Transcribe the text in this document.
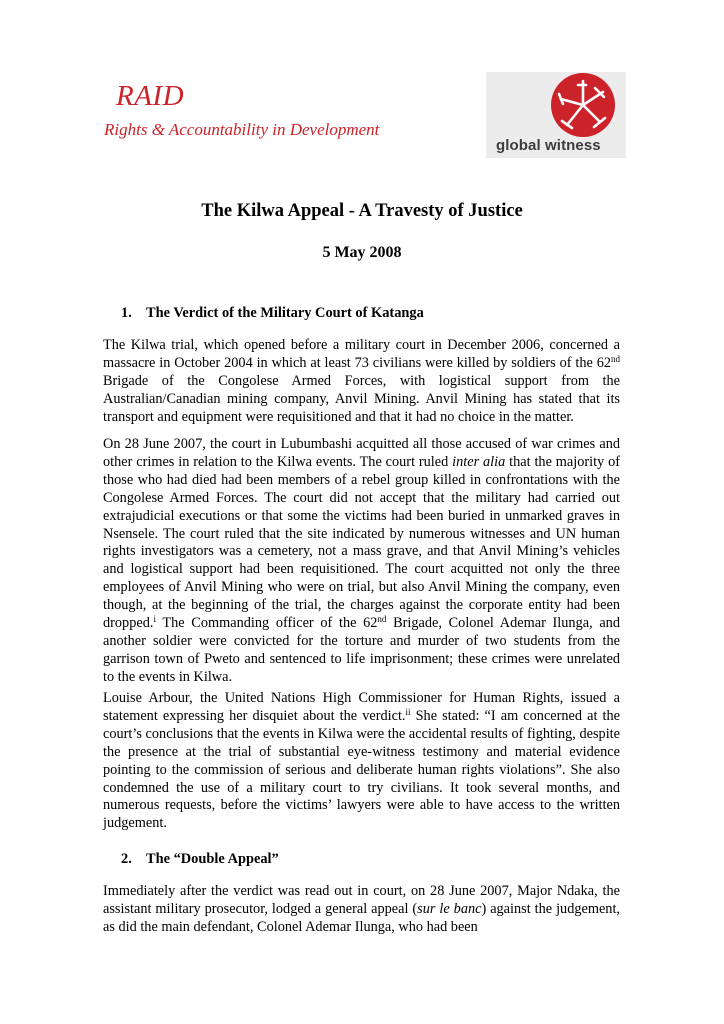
RAID
Rights & Accountability in Development
global witness
The Kilwa Appeal - A Travesty of Justice
5 May 2008
1. The Verdict of the Military Court of Katanga

The Kilwa trial, which opened before a military court in December 2006, concerned a massacre in October 2004 in which at least 73 civilians were killed by soldiers of the 62nd Brigade of the Congolese Armed Forces, with logistical support from the Australian/Canadian mining company, Anvil Mining. Anvil Mining has stated that its transport and equipment were requisitioned and that it had no choice in the matter.

On 28 June 2007, the court in Lubumbashi acquitted all those accused of war crimes and other crimes in relation to the Kilwa events. The court ruled inter alia that the majority of those who had died had been members of a rebel group killed in confrontations with the Congolese Armed Forces. The court did not accept that the military had carried out extrajudicial executions or that some the victims had been buried in unmarked graves in Nsensele. The court ruled that the site indicated by numerous witnesses and UN human rights investigators was a cemetery, not a mass grave, and that Anvil Mining’s vehicles and logistical support had been requisitioned. The court acquitted not only the three employees of Anvil Mining who were on trial, but also Anvil Mining the company, even though, at the beginning of the trial, the charges against the corporate entity had been dropped.$^i$ The Commanding officer of the 62nd Brigade, Colonel Ademar Ilunga, and another soldier were convicted for the torture and murder of two students from the garrison town of Pweto and sentenced to life imprisonment; these crimes were unrelated to the events in Kilwa.

Louise Arbour, the United Nations High Commissioner for Human Rights, issued a statement expressing her disquiet about the verdict.$^{ii}$ She stated: “I am concerned at the court’s conclusions that the events in Kilwa were the accidental results of fighting, despite the presence at the trial of substantial eye-witness testimony and material evidence pointing to the commission of serious and deliberate human rights violations”. She also condemned the use of a military court to try civilians. It took several months, and numerous requests, before the victims’ lawyers were able to have access to the written judgement.

2. The “Double Appeal”

Immediately after the verdict was read out in court, on 28 June 2007, Major Ndaka, the assistant military prosecutor, lodged a general appeal (sur le banc) against the judgement, as did the main defendant, Colonel Ademar Ilunga, who had been
